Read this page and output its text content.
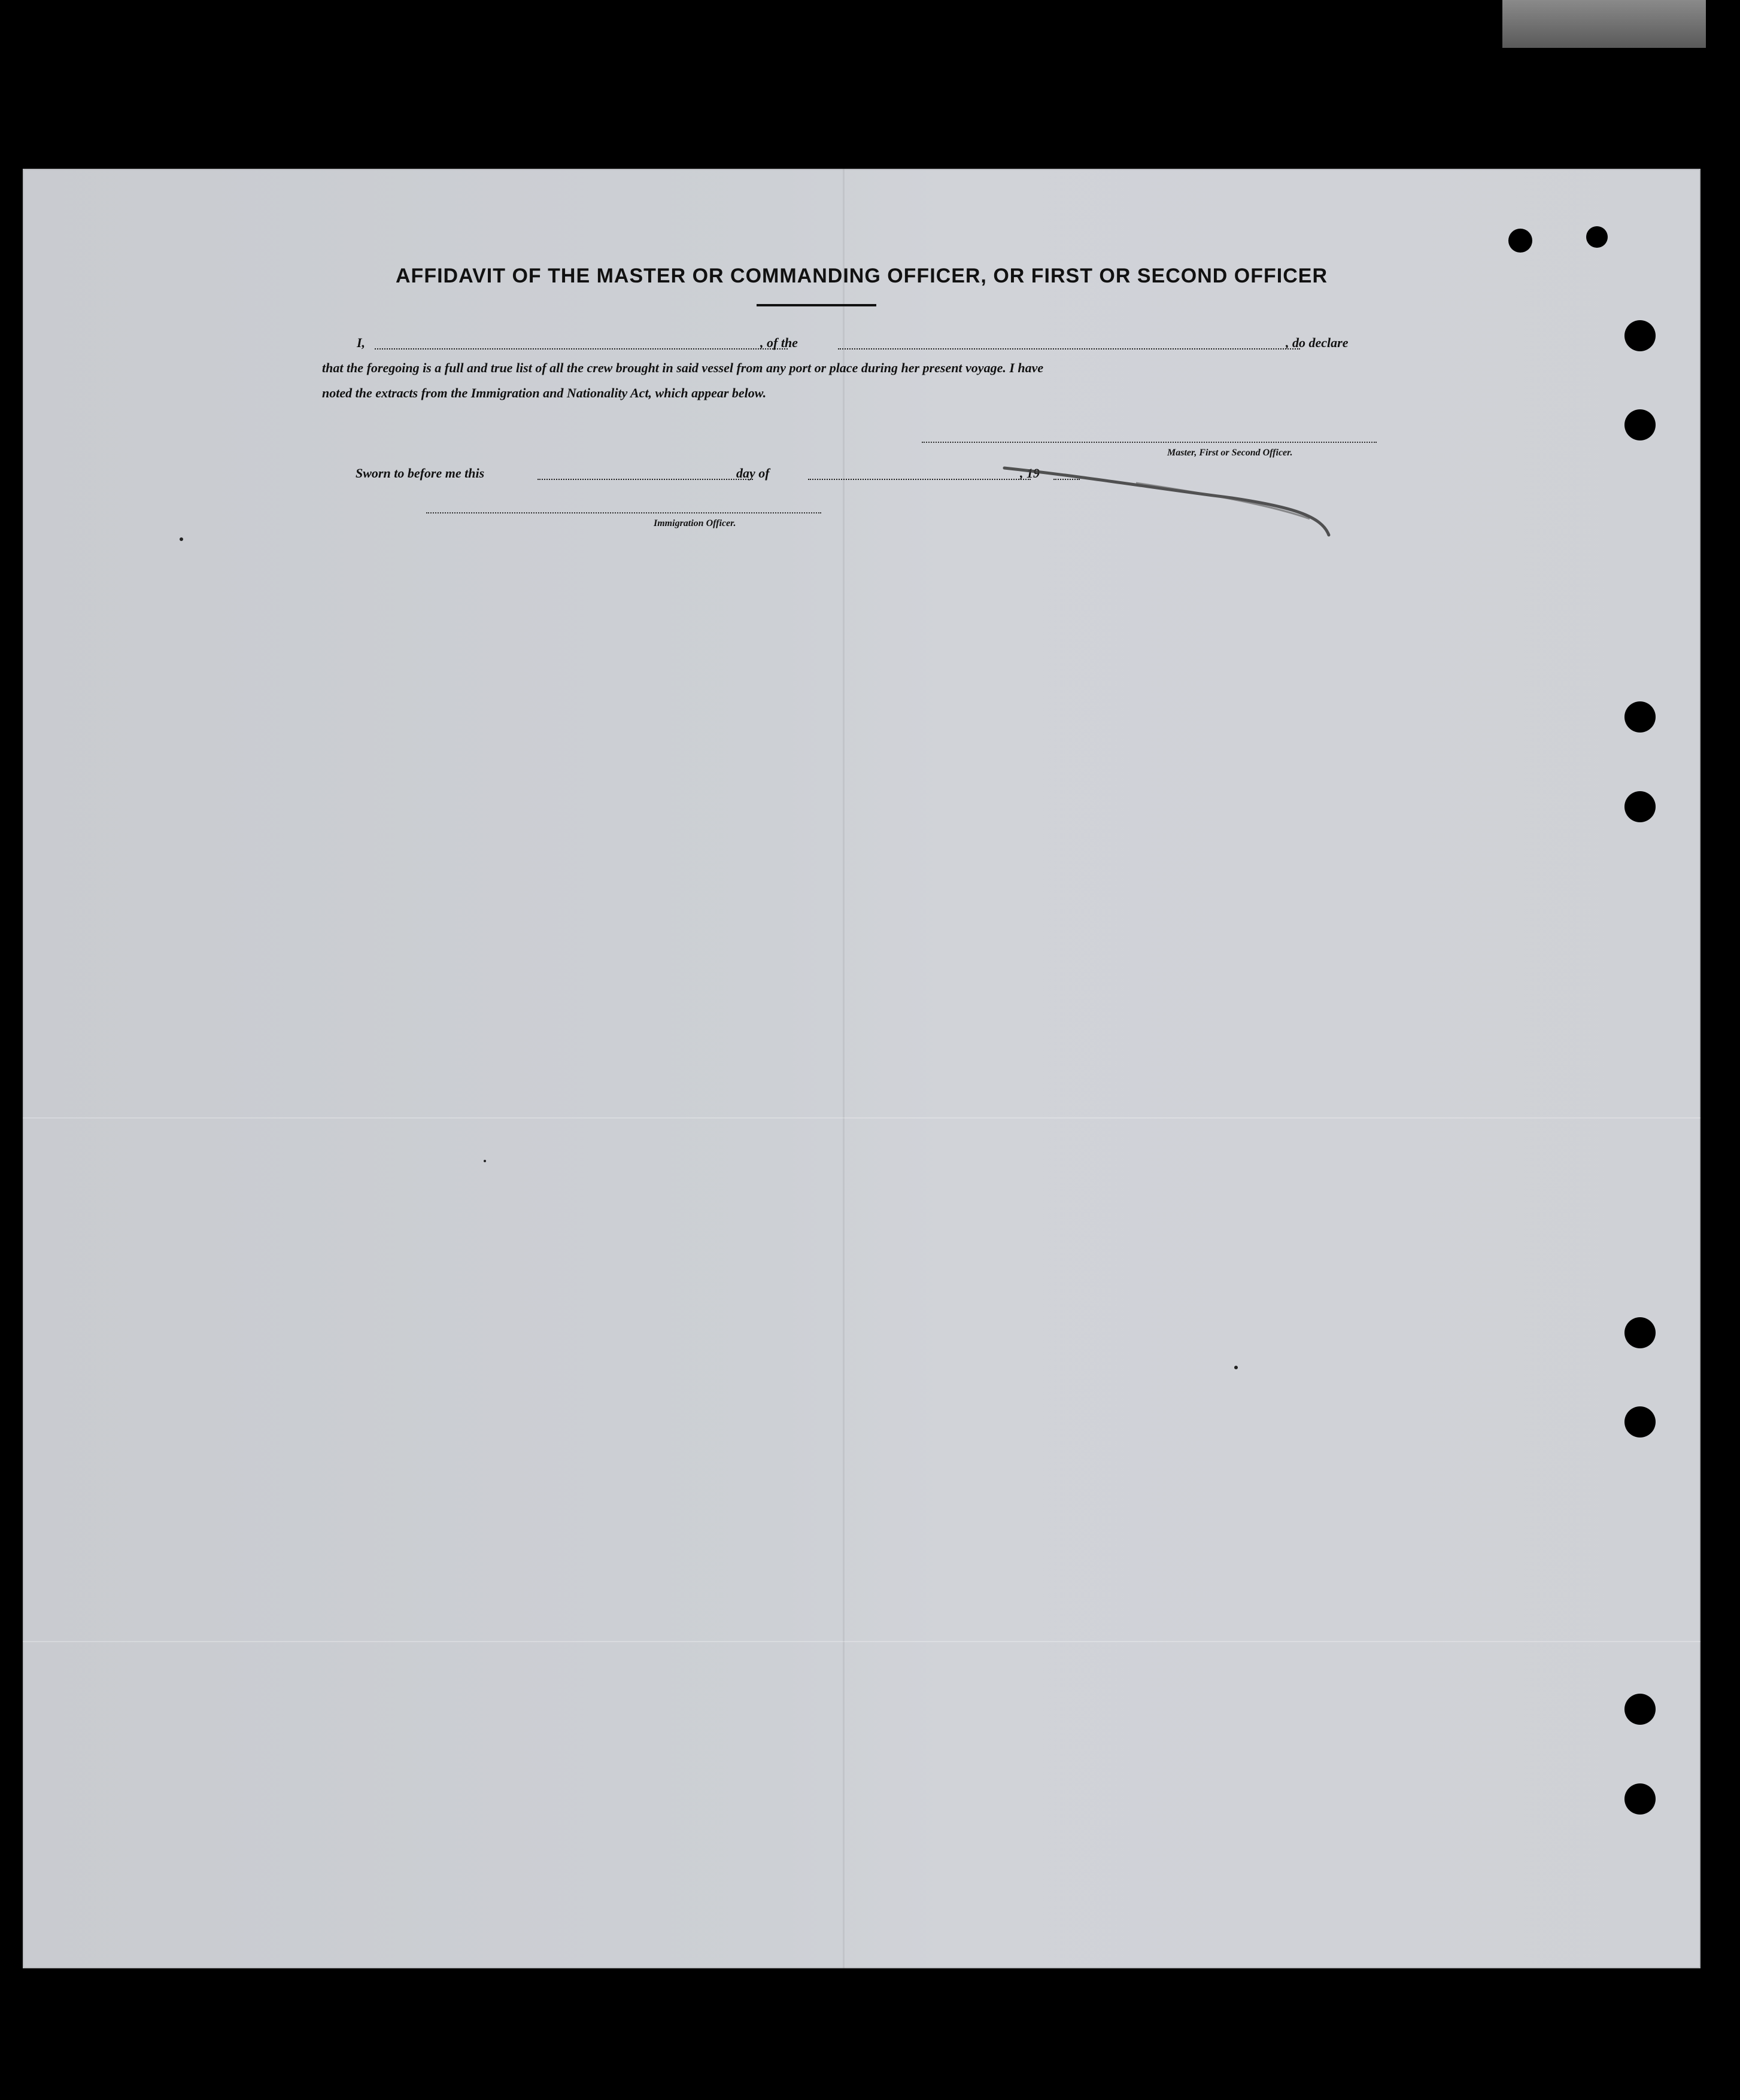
AFFIDAVIT OF THE MASTER OR COMMANDING OFFICER, OR FIRST OR SECOND OFFICER
I,	, of the	, do declare
that the foregoing is a full and true list of all the crew brought in said vessel from any port or place during her present voyage. I have
noted the extracts from the Immigration and Nationality Act, which appear below.
Master, First or Second Officer.
Sworn to before me this	day of	, 19
Immigration Officer.
